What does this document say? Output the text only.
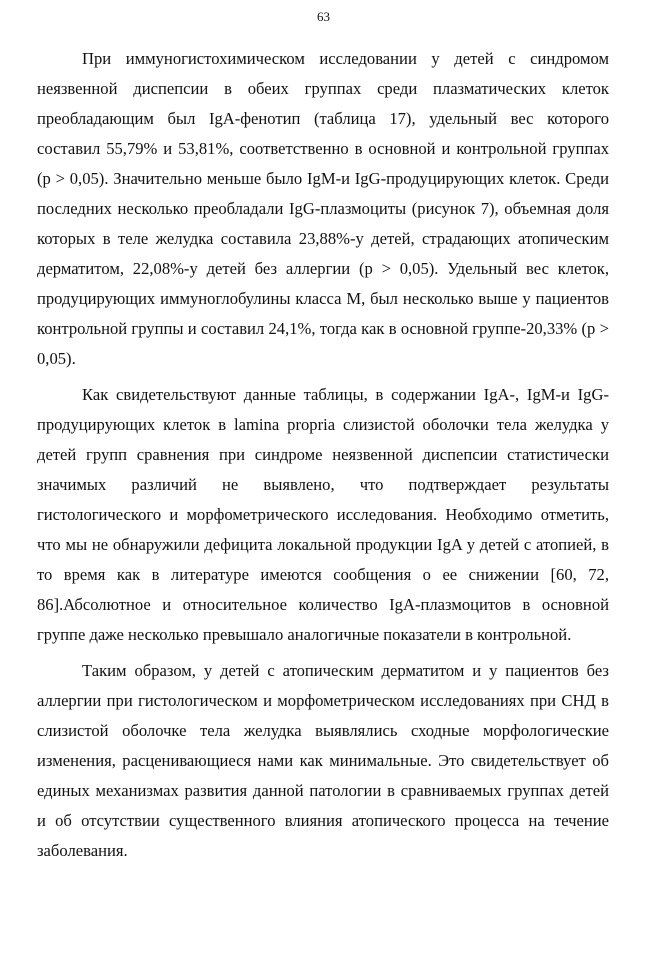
63

При иммуногистохимическом исследовании у детей с синдромом неязвенной диспепсии в обеих группах среди плазматических клеток преобладающим был IgA-фенотип (таблица 17), удельный вес которого составил 55,79% и 53,81%, соответственно в основной и контрольной группах (p > 0,05). Значительно меньше было IgM-и IgG-продуцирующих клеток. Среди последних несколько преобладали IgG-плазмоциты (рисунок 7), объемная доля которых в теле желудка составила 23,88%-у детей, страдающих атопическим дерматитом, 22,08%-у детей без аллергии (p > 0,05). Удельный вес клеток, продуцирующих иммуноглобулины класса М, был несколько выше у пациентов контрольной группы и составил 24,1%, тогда как в основной группе-20,33% (p > 0,05).

Как свидетельствуют данные таблицы, в содержании IgA-, IgM-и IgG-продуцирующих клеток в lamina propria слизистой оболочки тела желудка у детей групп сравнения при синдроме неязвенной диспепсии статистически значимых различий не выявлено, что подтверждает результаты гистологического и морфометрического исследования. Необходимо отметить, что мы не обнаружили дефицита локальной продукции IgA у детей с атопией, в то время как в литературе имеются сообщения о ее снижении [60, 72, 86].Абсолютное и относительное количество IgA-плазмоцитов в основной группе даже несколько превышало аналогичные показатели в контрольной.

Таким образом, у детей с атопическим дерматитом и у пациентов без аллергии при гистологическом и морфометрическом исследованиях при СНД в слизистой оболочке тела желудка выявлялись сходные морфологические изменения, расценивающиеся нами как минимальные. Это свидетельствует об единых механизмах развития данной патологии в сравниваемых группах детей и об отсутствии существенного влияния атопического процесса на течение заболевания.
